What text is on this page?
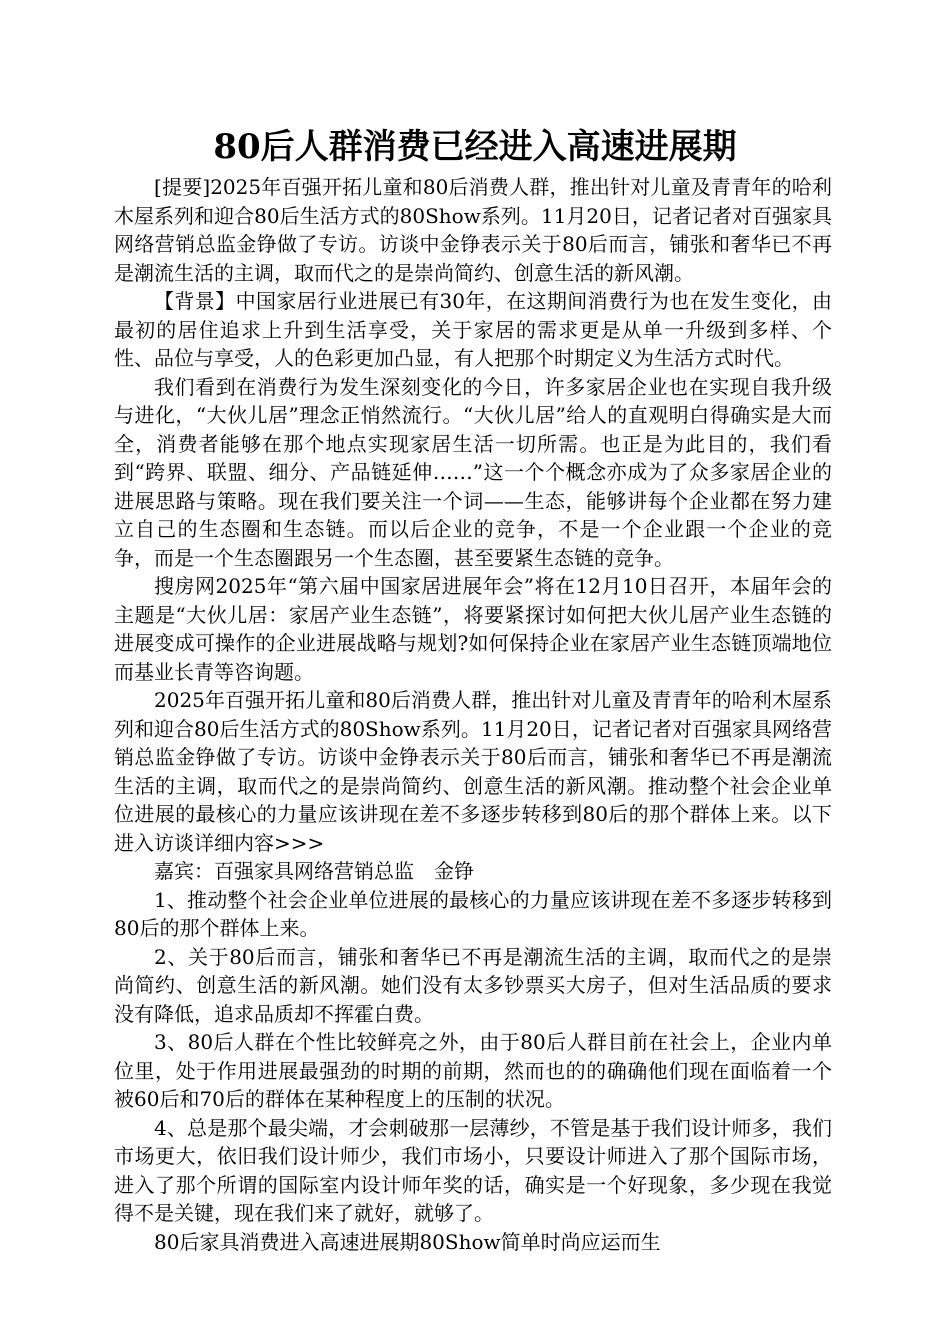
80后人群消费已经进入高速进展期

[提要]2025年百强开拓儿童和80后消费人群，推出针对儿童及青青年的哈利木屋系列和迎合80后生活方式的80Show系列。11月20日，记者记者对百强家具网络营销总监金铮做了专访。访谈中金铮表示关于80后而言，铺张和奢华已不再是潮流生活的主调，取而代之的是崇尚简约、创意生活的新风潮。

【背景】中国家居行业进展已有30年，在这期间消费行为也在发生变化，由最初的居住追求上升到生活享受，关于家居的需求更是从单一升级到多样、个性、品位与享受，人的色彩更加凸显，有人把那个时期定义为生活方式时代。

我们看到在消费行为发生深刻变化的今日，许多家居企业也在实现自我升级与进化，“大伙儿居”理念正悄然流行。“大伙儿居”给人的直观明白得确实是大而全，消费者能够在那个地点实现家居生活一切所需。也正是为此目的，我们看到“跨界、联盟、细分、产品链延伸……”这一个个概念亦成为了众多家居企业的进展思路与策略。现在我们要关注一个词——生态，能够讲每个企业都在努力建立自己的生态圈和生态链。而以后企业的竞争，不是一个企业跟一个企业的竞争，而是一个生态圈跟另一个生态圈，甚至要紧生态链的竞争。

搜房网2025年“第六届中国家居进展年会”将在12月10日召开，本届年会的主题是“大伙儿居：家居产业生态链”，将要紧探讨如何把大伙儿居产业生态链的进展变成可操作的企业进展战略与规划?如何保持企业在家居产业生态链顶端地位而基业长青等咨询题。

2025年百强开拓儿童和80后消费人群，推出针对儿童及青青年的哈利木屋系列和迎合80后生活方式的80Show系列。11月20日，记者记者对百强家具网络营销总监金铮做了专访。访谈中金铮表示关于80后而言，铺张和奢华已不再是潮流生活的主调，取而代之的是崇尚简约、创意生活的新风潮。推动整个社会企业单位进展的最核心的力量应该讲现在差不多逐步转移到80后的那个群体上来。以下进入访谈详细内容>>>

嘉宾：百强家具网络营销总监　金铮

1、推动整个社会企业单位进展的最核心的力量应该讲现在差不多逐步转移到80后的那个群体上来。

2、关于80后而言，铺张和奢华已不再是潮流生活的主调，取而代之的是崇尚简约、创意生活的新风潮。她们没有太多钞票买大房子，但对生活品质的要求没有降低，追求品质却不挥霍白费。

3、80后人群在个性比较鲜亮之外，由于80后人群目前在社会上，企业内单位里，处于作用进展最强劲的时期的前期，然而也的的确确他们现在面临着一个被60后和70后的群体在某种程度上的压制的状况。

4、总是那个最尖端，才会刺破那一层薄纱，不管是基于我们设计师多，我们市场更大，依旧我们设计师少，我们市场小，只要设计师进入了那个国际市场，进入了那个所谓的国际室内设计师年奖的话，确实是一个好现象，多少现在我觉得不是关键，现在我们来了就好，就够了。

80后家具消费进入高速进展期80Show简单时尚应运而生
